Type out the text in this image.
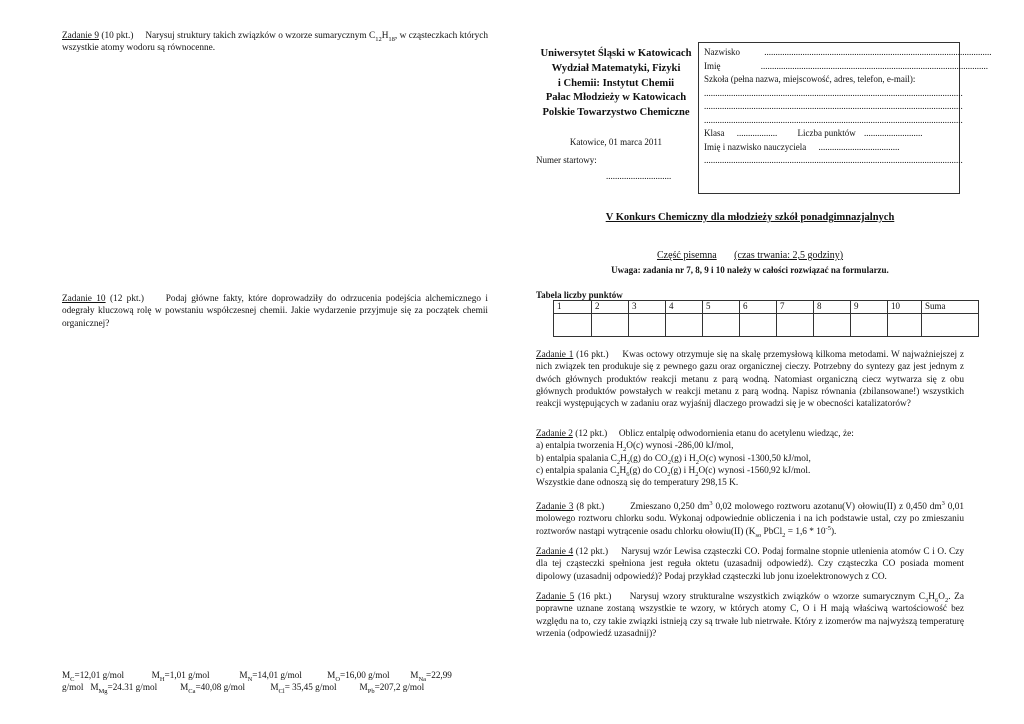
Zadanie 9 (10 pkt.) Narysuj struktury takich związków o wzorze sumarycznym $C_{12}H_{18}$, w cząsteczkach których wszystkie atomy wodoru są równocenne.

Zadanie 10 (12 pkt.) Podaj główne fakty, które doprowadziły do odrzucenia podejścia alchemicznego i odegrały kluczową rolę w powstaniu współczesnej chemii. Jakie wydarzenie przyjmuje się za początek chemii organicznej?

$M_C=12,01$ g/mol            $M_H=1,01$ g/mol             $M_N=14,01$ g/mol           $M_O=16,00$ g/mol         $M_{Na}=22,99$
g/mol   $M_{Mg}=24.31$ g/mol          $M_{Ca}=40,08$ g/mol           $M_{Cl}= 35,45$ g/mol          $M_{Pb}=207,2$ g/mol
Uniwersytet Śląski w Katowicach
Wydział Matematyki, Fizyki
i Chemii: Instytut Chemii
Pałac Młodzieży w Katowicach
Polskie Towarzystwo Chemiczne
Katowice, 01 marca 2011
Numer startowy:
.............................
Nazwisko	.....................................................................................................
Imię	.....................................................................................................
Szkoła (pełna nazwa, miejscowość, adres, telefon, e-mail):
...................................................................................................................
...................................................................................................................
...................................................................................................................
Klasa .................. Liczba punktów ..........................
Imię i nazwisko nauczyciela ....................................
...................................................................................................................
V Konkurs Chemiczny dla młodzieży szkół ponadgimnazjalnych
Część pisemna (czas trwania: 2,5 godziny)
Uwaga: zadania nr 7, 8, 9 i 10 należy w całości rozwiązać na formularzu.
Tabela liczby punktów
1	2	3	4	5	6	7	8	9	10	Suma

Zadanie 1 (16 pkt.) Kwas octowy otrzymuje się na skalę przemysłową kilkoma metodami. W najważniejszej z nich związek ten produkuje się z pewnego gazu oraz organicznej cieczy. Potrzebny do syntezy gaz jest jednym z dwóch głównych produktów reakcji metanu z parą wodną. Natomiast organiczną ciecz wytwarza się z obu głównych produktów powstałych w reakcji metanu z parą wodną. Napisz równania (zbilansowane!) wszystkich reakcji występujących w zadaniu oraz wyjaśnij dlaczego prowadzi się je w obecności katalizatorów?

Zadanie 2 (12 pkt.) Oblicz entalpię odwodornienia etanu do acetylenu wiedząc, że:
a) entalpia tworzenia $H_2O(c)$ wynosi -286,00 kJ/mol,
b) entalpia spalania $C_2H_2(g)$ do $CO_2(g)$ i $H_2O(c)$ wynosi -1300,50 kJ/mol,
c) entalpia spalania $C_2H_6(g)$ do $CO_2(g)$ i $H_2O(c)$ wynosi -1560,92 kJ/mol.
Wszystkie dane odnoszą się do temperatury 298,15 K.

Zadanie 3 (8 pkt.)	Zmieszano 0,250 $dm^3$ 0,02 molowego roztworu azotanu(V) ołowiu(II) z 0,450 $dm^3$ 0,01 molowego roztworu chlorku sodu. Wykonaj odpowiednie obliczenia i na ich podstawie ustal, czy po zmieszaniu roztworów nastąpi wytrącenie osadu chlorku ołowiu(II) ($K_{so}$ PbCl$_2$ = $1,6 * 10^{-5}$).

Zadanie 4 (12 pkt.) Narysuj wzór Lewisa cząsteczki CO. Podaj formalne stopnie utlenienia atomów C i O. Czy dla tej cząsteczki spełniona jest reguła oktetu (uzasadnij odpowiedź). Czy cząsteczka CO posiada moment dipolowy (uzasadnij odpowiedź)? Podaj przykład cząsteczki lub jonu izoelektronowych z CO.

Zadanie 5 (16 pkt.) Narysuj wzory strukturalne wszystkich związków o wzorze sumarycznym $C_3H_6O_2$. Za poprawne uznane zostaną wszystkie te wzory, w których atomy C, O i H mają właściwą wartościowość bez względu na to, czy takie związki istnieją czy są trwałe lub nietrwałe. Który z izomerów ma najwyższą temperaturę wrzenia (odpowiedź uzasadnij)?
